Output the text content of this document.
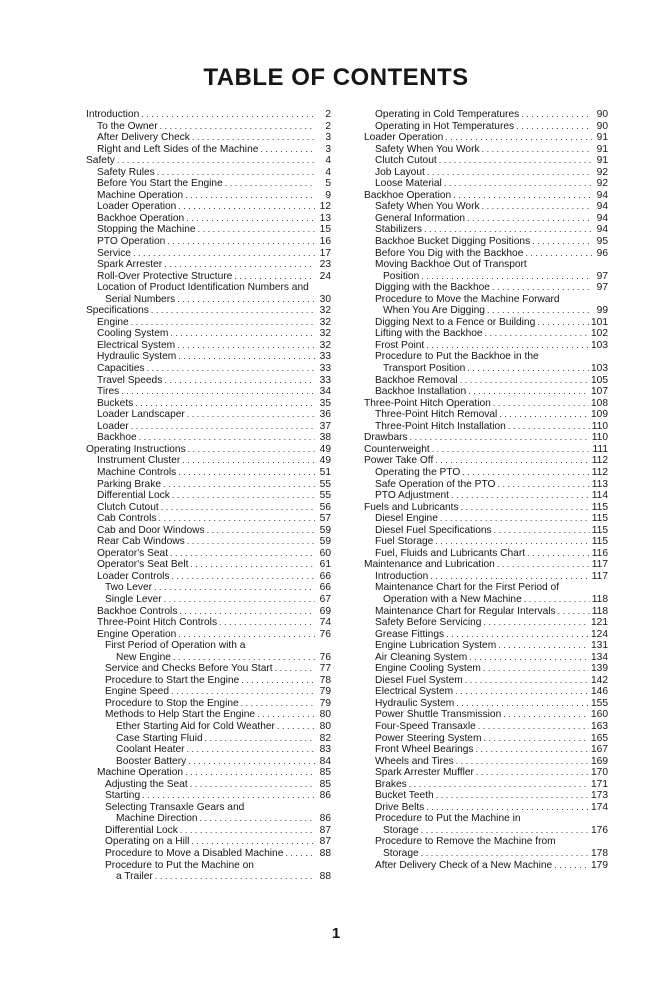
TABLE OF CONTENTS
Introduction . . .	2
To the Owner . . .	2
After Delivery Check . . .	3
Right and Left Sides of the Machine . . .	3
Safety . . .	4
Safety Rules . . .	4
Before You Start the Engine . . .	5
Machine Operation . . .	9
Loader Operation . . .	12
Backhoe Operation . . .	13
Stopping the Machine . . .	15
PTO Operation . . .	16
Service . . .	17
Spark Arrester . . .	23
Roll-Over Protective Structure . . .	24
Location of Product Identification Numbers and
Serial Numbers . . .	30
Specifications . . .	32
Engine . . .	32
Cooling System . . .	32
Electrical System . . .	32
Hydraulic System . . .	33
Capacities . . .	33
Travel Speeds . . .	33
Tires . . .	34
Buckets . . .	35
Loader Landscaper . . .	36
Loader . . .	37
Backhoe . . .	38
Operating Instructions . . .	49
Instrument Cluster . . .	49
Machine Controls . . .	51
Parking Brake . . .	55
Differential Lock . . .	55
Clutch Cutout . . .	56
Cab Controls . . .	57
Cab and Door Windows . . .	59
Rear Cab Windows . . .	59
Operator's Seat . . .	60
Operator's Seat Belt . . .	61
Loader Controls . . .	66
Two Lever . . .	66
Single Lever . . .	67
Backhoe Controls . . .	69
Three-Point Hitch Controls . . .	74
Engine Operation . . .	76
First Period of Operation with a
New Engine . . .	76
Service and Checks Before You Start . . .	77
Procedure to Start the Engine . . .	78
Engine Speed . . .	79
Procedure to Stop the Engine . . .	79
Methods to Help Start the Engine . . .	80
Ether Starting Aid for Cold Weather . . .	80
Case Starting Fluid . . .	82
Coolant Heater . . .	83
Booster Battery . . .	84
Machine Operation . . .	85
Adjusting the Seat . . .	85
Starting . . .	86
Selecting Transaxle Gears and
Machine Direction . . .	86
Differential Lock . . .	87
Operating on a Hill . . .	87
Procedure to Move a Disabled Machine . . .	88
Procedure to Put the Machine on
a Trailer . . .	88
Operating in Cold Temperatures . . .	90
Operating in Hot Temperatures . . .	90
Loader Operation . . .	91
Safety When You Work . . .	91
Clutch Cutout . . .	91
Job Layout . . .	92
Loose Material . . .	92
Backhoe Operation . . .	94
Safety When You Work . . .	94
General Information . . .	94
Stabilizers . . .	94
Backhoe Bucket Digging Positions . . .	95
Before You Dig with the Backhoe . . .	96
Moving Backhoe Out of Transport
Position . . .	97
Digging with the Backhoe . . .	97
Procedure to Move the Machine Forward
When You Are Digging . . .	99
Digging Next to a Fence or Building . . .	101
Lifting with the Backhoe . . .	102
Frost Point . . .	103
Procedure to Put the Backhoe in the
Transport Position . . .	103
Backhoe Removal . . .	105
Backhoe Installation . . .	107
Three-Point Hitch Operation . . .	108
Three-Point Hitch Removal . . .	109
Three-Point Hitch Installation . . .	110
Drawbars . . .	110
Counterweight . . .	111
Power Take Off . . .	112
Operating the PTO . . .	112
Safe Operation of the PTO . . .	113
PTO Adjustment . . .	114
Fuels and Lubricants . . .	115
Diesel Engine . . .	115
Diesel Fuel Specifications . . .	115
Fuel Storage . . .	115
Fuel, Fluids and Lubricants Chart . . .	116
Maintenance and Lubrication . . .	117
Introduction . . .	117
Maintenance Chart for the First Period of
Operation with a New Machine . . .	118
Maintenance Chart for Regular Intervals . . .	118
Safety Before Servicing . . .	121
Grease Fittings . . .	124
Engine Lubrication System . . .	131
Air Cleaning System . . .	134
Engine Cooling System . . .	139
Diesel Fuel System . . .	142
Electrical System . . .	146
Hydraulic System . . .	155
Power Shuttle Transmission . . .	160
Four-Speed Transaxle . . .	163
Power Steering System . . .	165
Front Wheel Bearings . . .	167
Wheels and Tires . . .	169
Spark Arrester Muffler . . .	170
Brakes . . .	171
Bucket Teeth . . .	173
Drive Belts . . .	174
Procedure to Put the Machine in
Storage . . .	176
Procedure to Remove the Machine from
Storage . . .	178
After Delivery Check of a New Machine . . .	179
1
